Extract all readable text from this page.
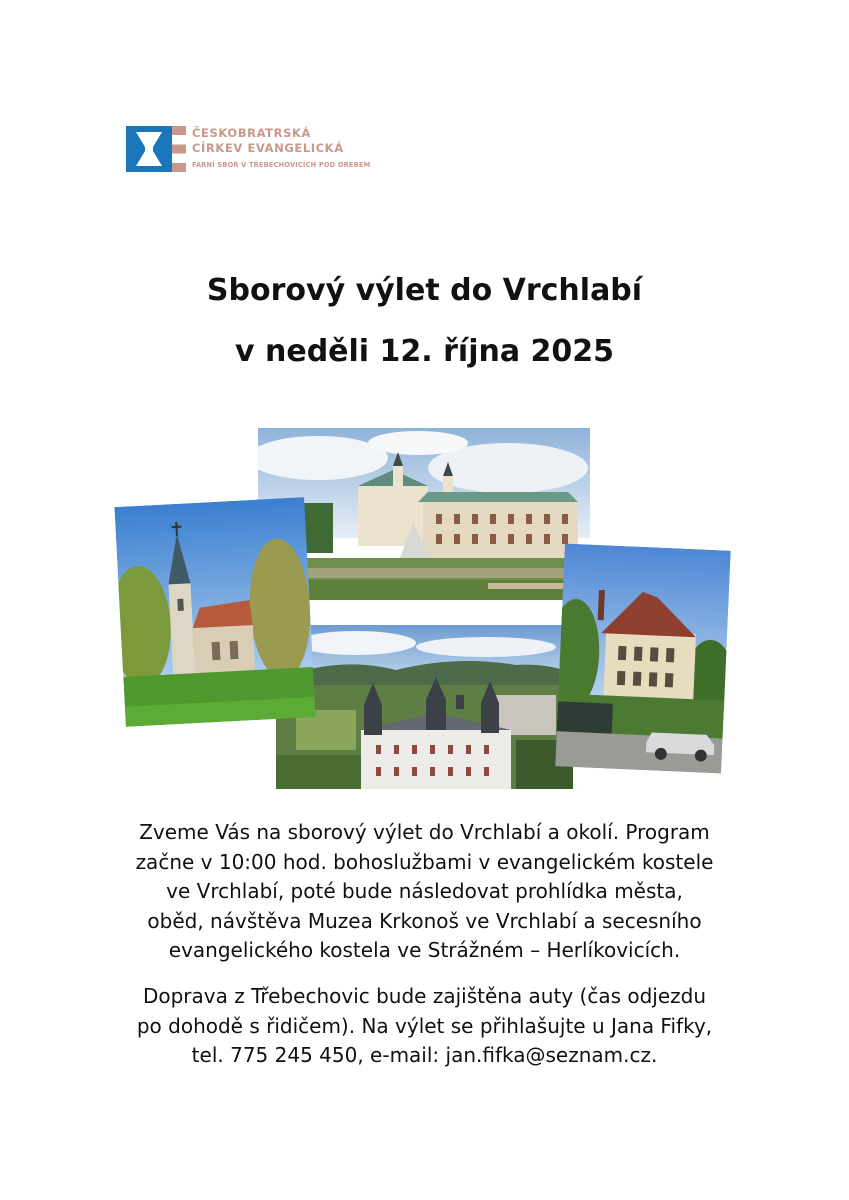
ČESKOBRATRSKÁ
CÍRKEV EVANGELICKÁ
FARNÍ SBOR V TŘEBECHOVICÍCH POD OREBEM
Sborový výlet do Vrchlabí
v neděli 12. října 2025
Zveme Vás na sborový výlet do Vrchlabí a okolí. Program
začne v 10:00 hod. bohoslužbami v evangelickém kostele
ve Vrchlabí, poté bude následovat prohlídka města,
oběd, návštěva Muzea Krkonoš ve Vrchlabí a secesního
evangelického kostela ve Strážném – Herlíkovicích.
Doprava z Třebechovic bude zajištěna auty (čas odjezdu
po dohodě s řidičem). Na výlet se přihlašujte u Jana Fifky,
tel. 775 245 450, e-mail: jan.fifka@seznam.cz.
